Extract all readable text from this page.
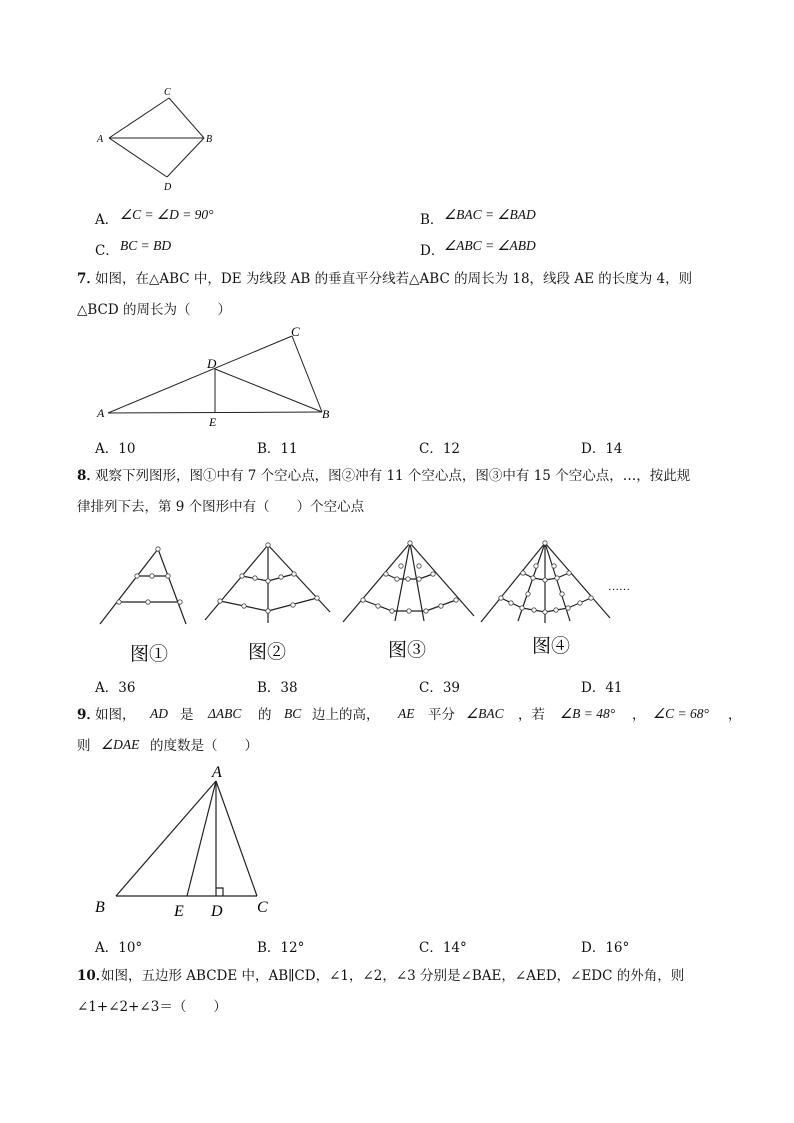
C
A	B
D
A． ∠C = ∠D = 90°	B． ∠BAC = ∠BAD
C． BC = BD	D． ∠ABC = ∠ABD
7．
如图，在△ABC 中，DE 为线段 AB 的垂直平分线若△ABC 的周长为 18，线段 AE 的长度为 4，则
△BCD 的周长为（　　）
C
D
A	B
E
A．10	B．11	C．12	D．14
8．
观察下列图形，图①中有 7 个空心点，图②冲有 11 个空心点，图③中有 15 个空心点，…，按此规
律排列下去，第 9 个图形中有（　　）个空心点
……
图①	图②	图③	图④
A．36	B．38	C．39	D．41
9．
如图， AD 是 ΔABC 的 BC 边上的高， AE 平分 ∠BAC ，若 ∠B = 48° ， ∠C = 68° ，
则 ∠DAE 的度数是（　　）
A
B	E D C
A．10°	B．12°	C．14°	D．16°
10．
如图，五边形 ABCDE 中，AB∥CD，∠1，∠2，∠3 分别是∠BAE，∠AED，∠EDC 的外角，则
∠1+∠2+∠3＝（　　）
